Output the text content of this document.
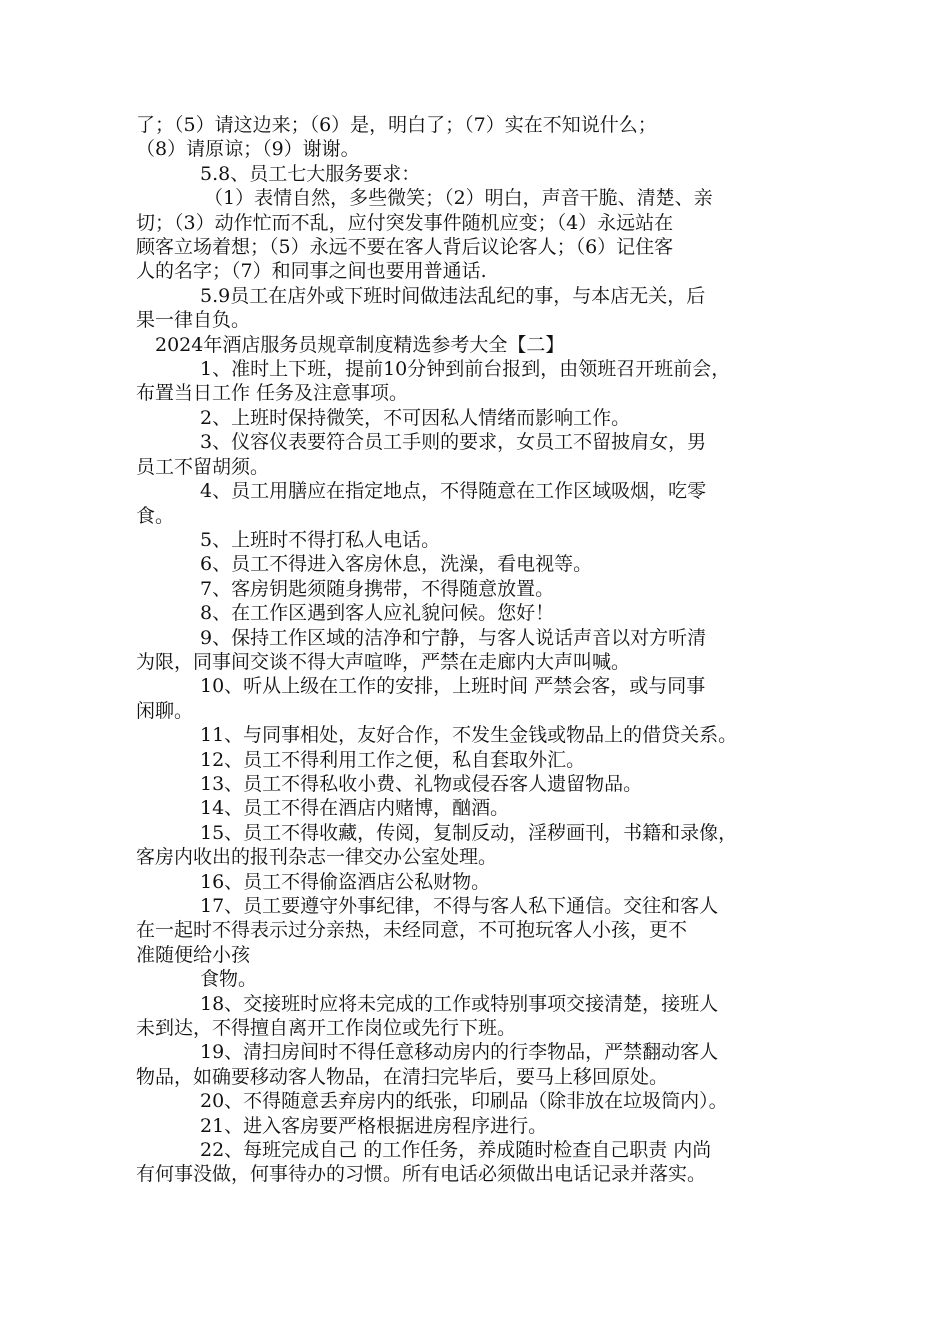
了；（5）请这边来；（6）是，明白了；（7）实在不知说什么；
（8）请原谅；（9）谢谢。
5.8、员工七大服务要求：
（1）表情自然，多些微笑；（2）明白，声音干脆、清楚、亲
切；（3）动作忙而不乱，应付突发事件随机应变；（4）永远站在
顾客立场着想；（5）永远不要在客人背后议论客人；（6）记住客
人的名字；（7）和同事之间也要用普通话.
5.9员工在店外或下班时间做违法乱纪的事，与本店无关，后
果一律自负。
2024年酒店服务员规章制度精选参考大全【二】
1、准时上下班，提前10分钟到前台报到，由领班召开班前会，
布置当日工作 任务及注意事项。
2、上班时保持微笑，不可因私人情绪而影响工作。
3、仪容仪表要符合员工手则的要求，女员工不留披肩女，男
员工不留胡须。
4、员工用膳应在指定地点，不得随意在工作区域吸烟，吃零
食。
5、上班时不得打私人电话。
6、员工不得进入客房休息，洗澡，看电视等。
7、客房钥匙须随身携带，不得随意放置。
8、在工作区遇到客人应礼貌问候。您好！
9、保持工作区域的洁净和宁静，与客人说话声音以对方听清
为限，同事间交谈不得大声喧哗，严禁在走廊内大声叫喊。
10、听从上级在工作的安排，上班时间 严禁会客，或与同事
闲聊。
11、与同事相处，友好合作，不发生金钱或物品上的借贷关系。
12、员工不得利用工作之便，私自套取外汇。
13、员工不得私收小费、礼物或侵吞客人遗留物品。
14、员工不得在酒店内赌博，酗酒。
15、员工不得收藏，传阅，复制反动，淫秽画刊，书籍和录像，
客房内收出的报刊杂志一律交办公室处理。
16、员工不得偷盗酒店公私财物。
17、员工要遵守外事纪律，不得与客人私下通信。交往和客人
在一起时不得表示过分亲热，未经同意，不可抱玩客人小孩，更不
准随便给小孩
食物。
18、交接班时应将未完成的工作或特别事项交接清楚，接班人
未到达，不得擅自离开工作岗位或先行下班。
19、清扫房间时不得任意移动房内的行李物品，严禁翻动客人
物品，如确要移动客人物品，在清扫完毕后，要马上移回原处。
20、不得随意丢弃房内的纸张，印刷品（除非放在垃圾筒内）。
21、进入客房要严格根据进房程序进行。
22、每班完成自己 的工作任务，养成随时检查自己职责 内尚
有何事没做，何事待办的习惯。所有电话必须做出电话记录并落实。
